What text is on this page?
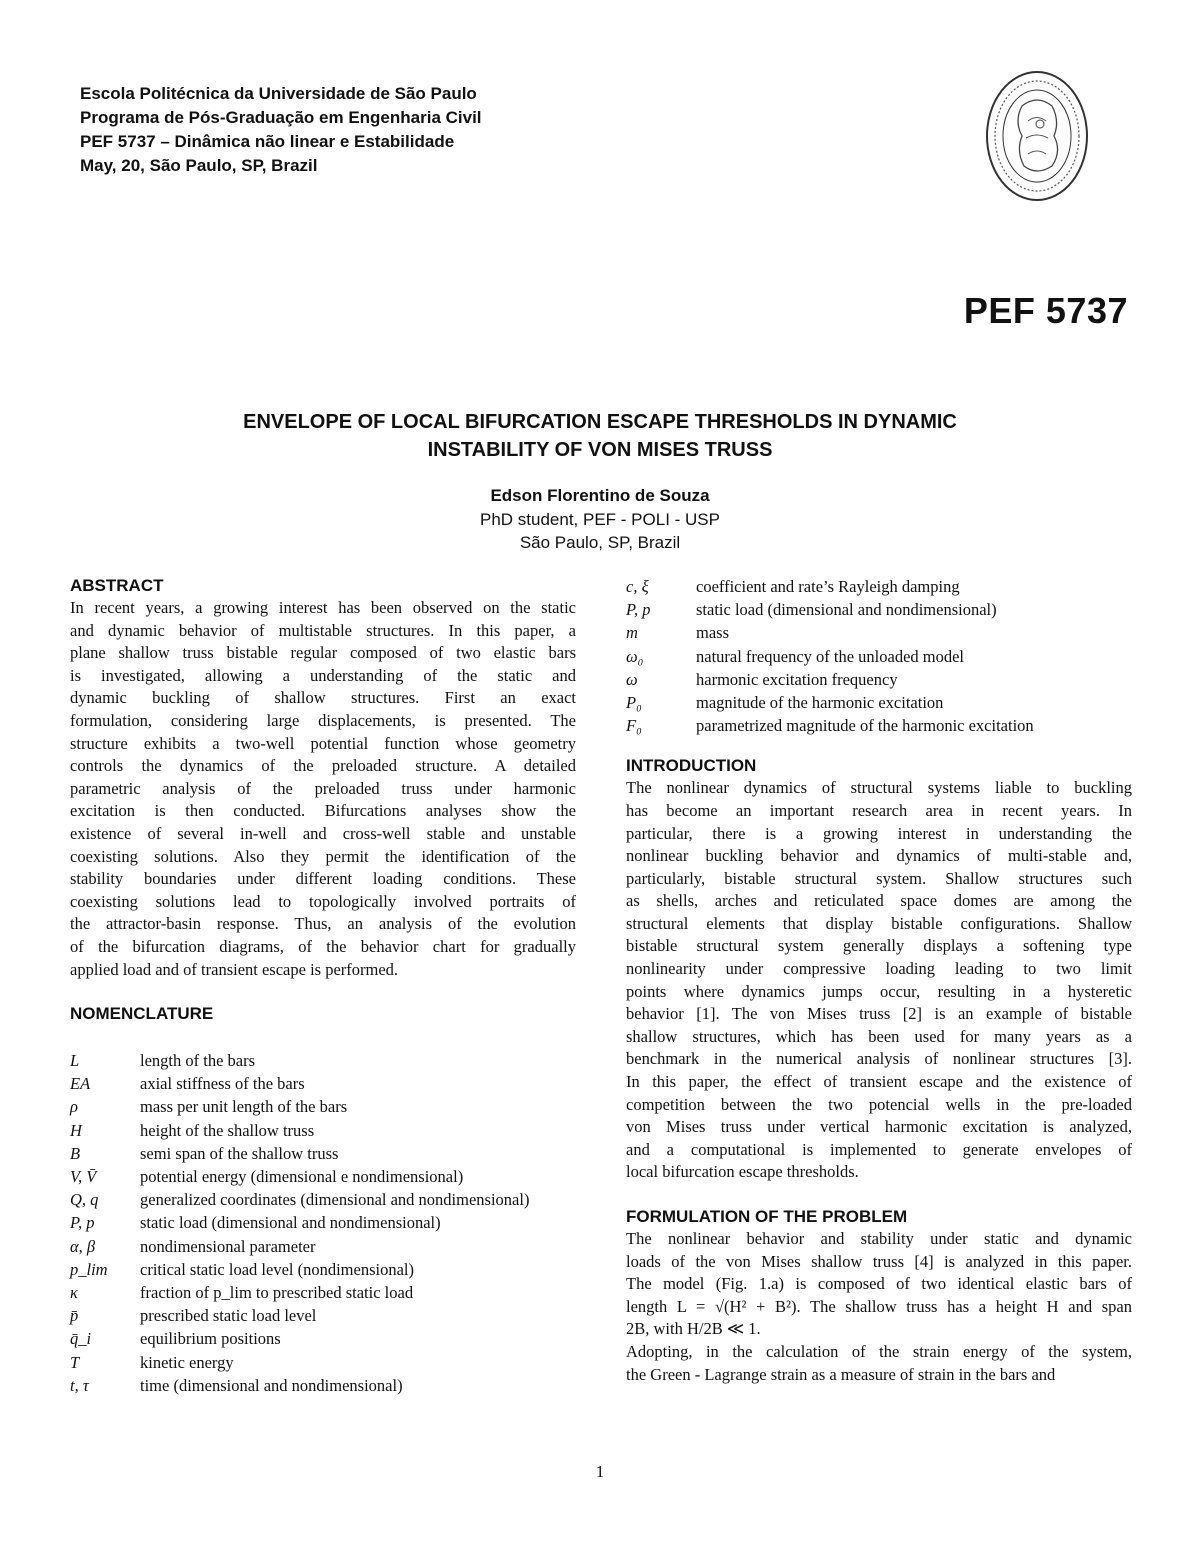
Escola Politécnica da Universidade de São Paulo
Programa de Pós-Graduação em Engenharia Civil
PEF 5737 – Dinâmica não linear e Estabilidade
May, 20, São Paulo, SP, Brazil
PEF 5737
ENVELOPE OF LOCAL BIFURCATION ESCAPE THRESHOLDS IN DYNAMIC
INSTABILITY OF VON MISES TRUSS
Edson Florentino de Souza
PhD student, PEF - POLI - USP
São Paulo, SP, Brazil
ABSTRACT
In recent years, a growing interest has been observed on the static
and dynamic behavior of multistable structures. In this paper, a
plane shallow truss bistable regular composed of two elastic bars
is investigated, allowing a understanding of the static and
dynamic buckling of shallow structures. First an exact
formulation, considering large displacements, is presented. The
structure exhibits a two-well potential function whose geometry
controls the dynamics of the preloaded structure. A detailed
parametric analysis of the preloaded truss under harmonic
excitation is then conducted. Bifurcations analyses show the
existence of several in-well and cross-well stable and unstable
coexisting solutions. Also they permit the identification of the
stability boundaries under different loading conditions. These
coexisting solutions lead to topologically involved portraits of
the attractor-basin response. Thus, an analysis of the evolution
of the bifurcation diagrams, of the behavior chart for gradually
applied load and of transient escape is performed.
NOMENCLATURE
L	length of the bars
EA	axial stiffness of the bars
ρ	mass per unit length of the bars
H	height of the shallow truss
B	semi span of the shallow truss
V, V̄	potential energy (dimensional e nondimensional)
Q, q	generalized coordinates (dimensional and nondimensional)
P, p	static load (dimensional and nondimensional)
α, β	nondimensional parameter
p_lim	critical static load level (nondimensional)
κ	fraction of p_lim to prescribed static load
p̄	prescribed static load level
q̄_i	equilibrium positions
T	kinetic energy
t, τ	time (dimensional and nondimensional)
c, ξ	coefficient and rate’s Rayleigh damping
P, p	static load (dimensional and nondimensional)
m	mass
ω₀	natural frequency of the unloaded model
ω	harmonic excitation frequency
P₀	magnitude of the harmonic excitation
F₀	parametrized magnitude of the harmonic excitation
INTRODUCTION
The nonlinear dynamics of structural systems liable to buckling
has become an important research area in recent years. In
particular, there is a growing interest in understanding the
nonlinear buckling behavior and dynamics of multi-stable and,
particularly, bistable structural system. Shallow structures such
as shells, arches and reticulated space domes are among the
structural elements that display bistable configurations. Shallow
bistable structural system generally displays a softening type
nonlinearity under compressive loading leading to two limit
points where dynamics jumps occur, resulting in a hysteretic
behavior [1]. The von Mises truss [2] is an example of bistable
shallow structures, which has been used for many years as a
benchmark in the numerical analysis of nonlinear structures [3].
In this paper, the effect of transient escape and the existence of
competition between the two potencial wells in the pre-loaded
von Mises truss under vertical harmonic excitation is analyzed,
and a computational is implemented to generate envelopes of
local bifurcation escape thresholds.
FORMULATION OF THE PROBLEM
The nonlinear behavior and stability under static and dynamic
loads of the von Mises shallow truss [4] is analyzed in this paper.
The model (Fig. 1.a) is composed of two identical elastic bars of
length L = √(H² + B²). The shallow truss has a height H and span
2B, with H/2B ≪ 1.
Adopting, in the calculation of the strain energy of the system,
the Green - Lagrange strain as a measure of strain in the bars and
1
